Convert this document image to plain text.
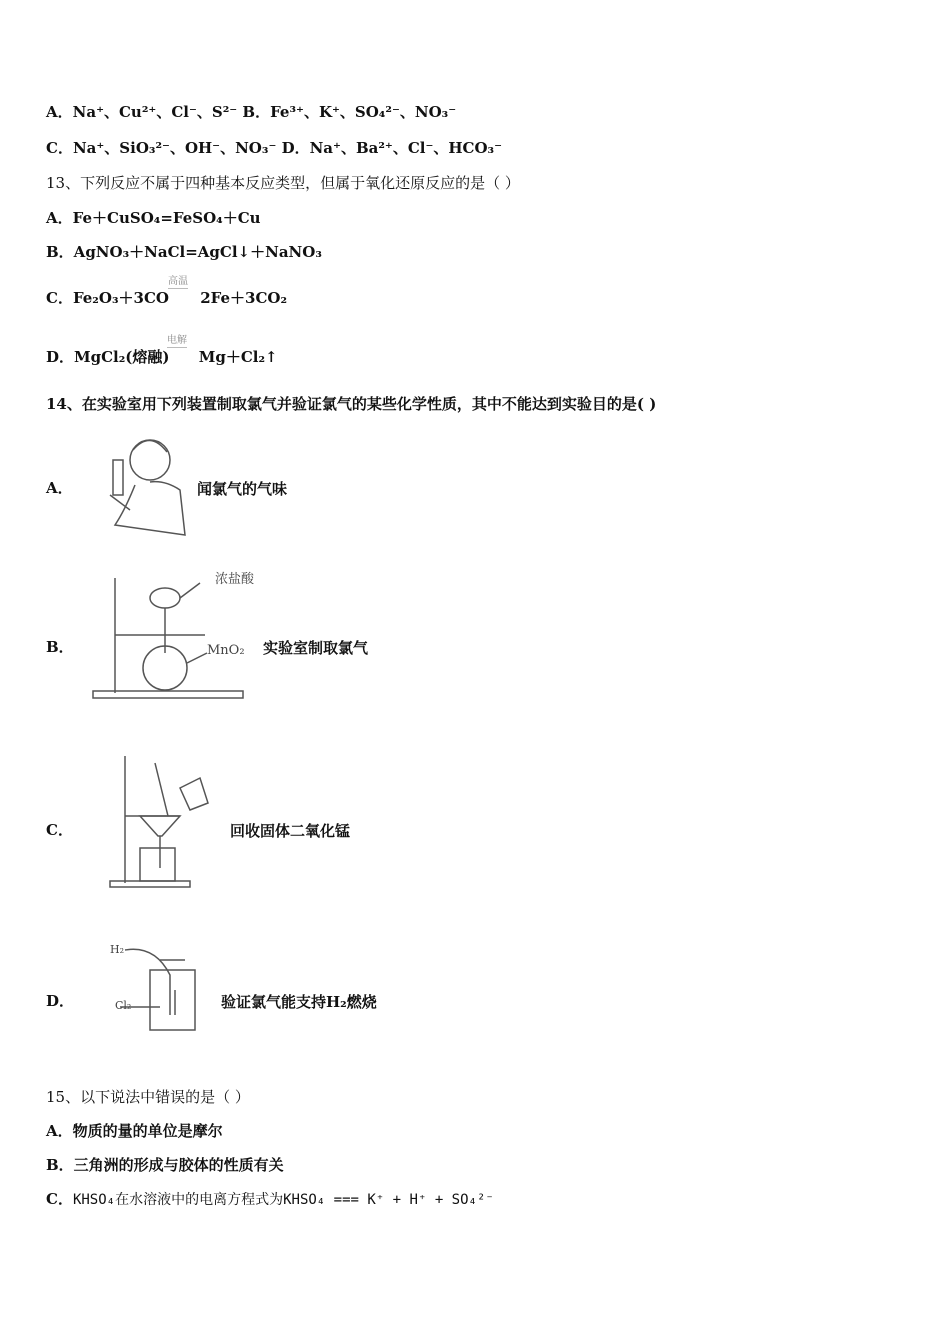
A．Na⁺、Cu²⁺、Cl⁻、S²⁻ B．Fe³⁺、K⁺、SO₄²⁻、NO₃⁻
C．Na⁺、SiO₃²⁻、OH⁻、NO₃⁻ D．Na⁺、Ba²⁺、Cl⁻、HCO₃⁻
13、下列反应不属于四种基本反应类型，但属于氧化还原反应的是（ ）
A．Fe＋CuSO₄=FeSO₄＋Cu
B．AgNO₃＋NaCl=AgCl↓＋NaNO₃
C．Fe₂O₃＋3CO
高温
2Fe＋3CO₂
D．MgCl₂(熔融)
电解
Mg＋Cl₂↑
14、在实验室用下列装置制取氯气并验证氯气的某些化学性质，其中不能达到实验目的是( )
A．	闻氯气的气味
B．
浓盐酸
MnO₂ 实验室制取氯气
C．	回收固体二氧化锰
D．
H₂
Cl₂	验证氯气能支持H₂燃烧
15、以下说法中错误的是（ ）
A．物质的量的单位是摩尔
B．三角洲的形成与胶体的性质有关
C．KHSO₄在水溶液中的电离方程式为KHSO₄ === K⁺ + H⁺ + SO₄²⁻
